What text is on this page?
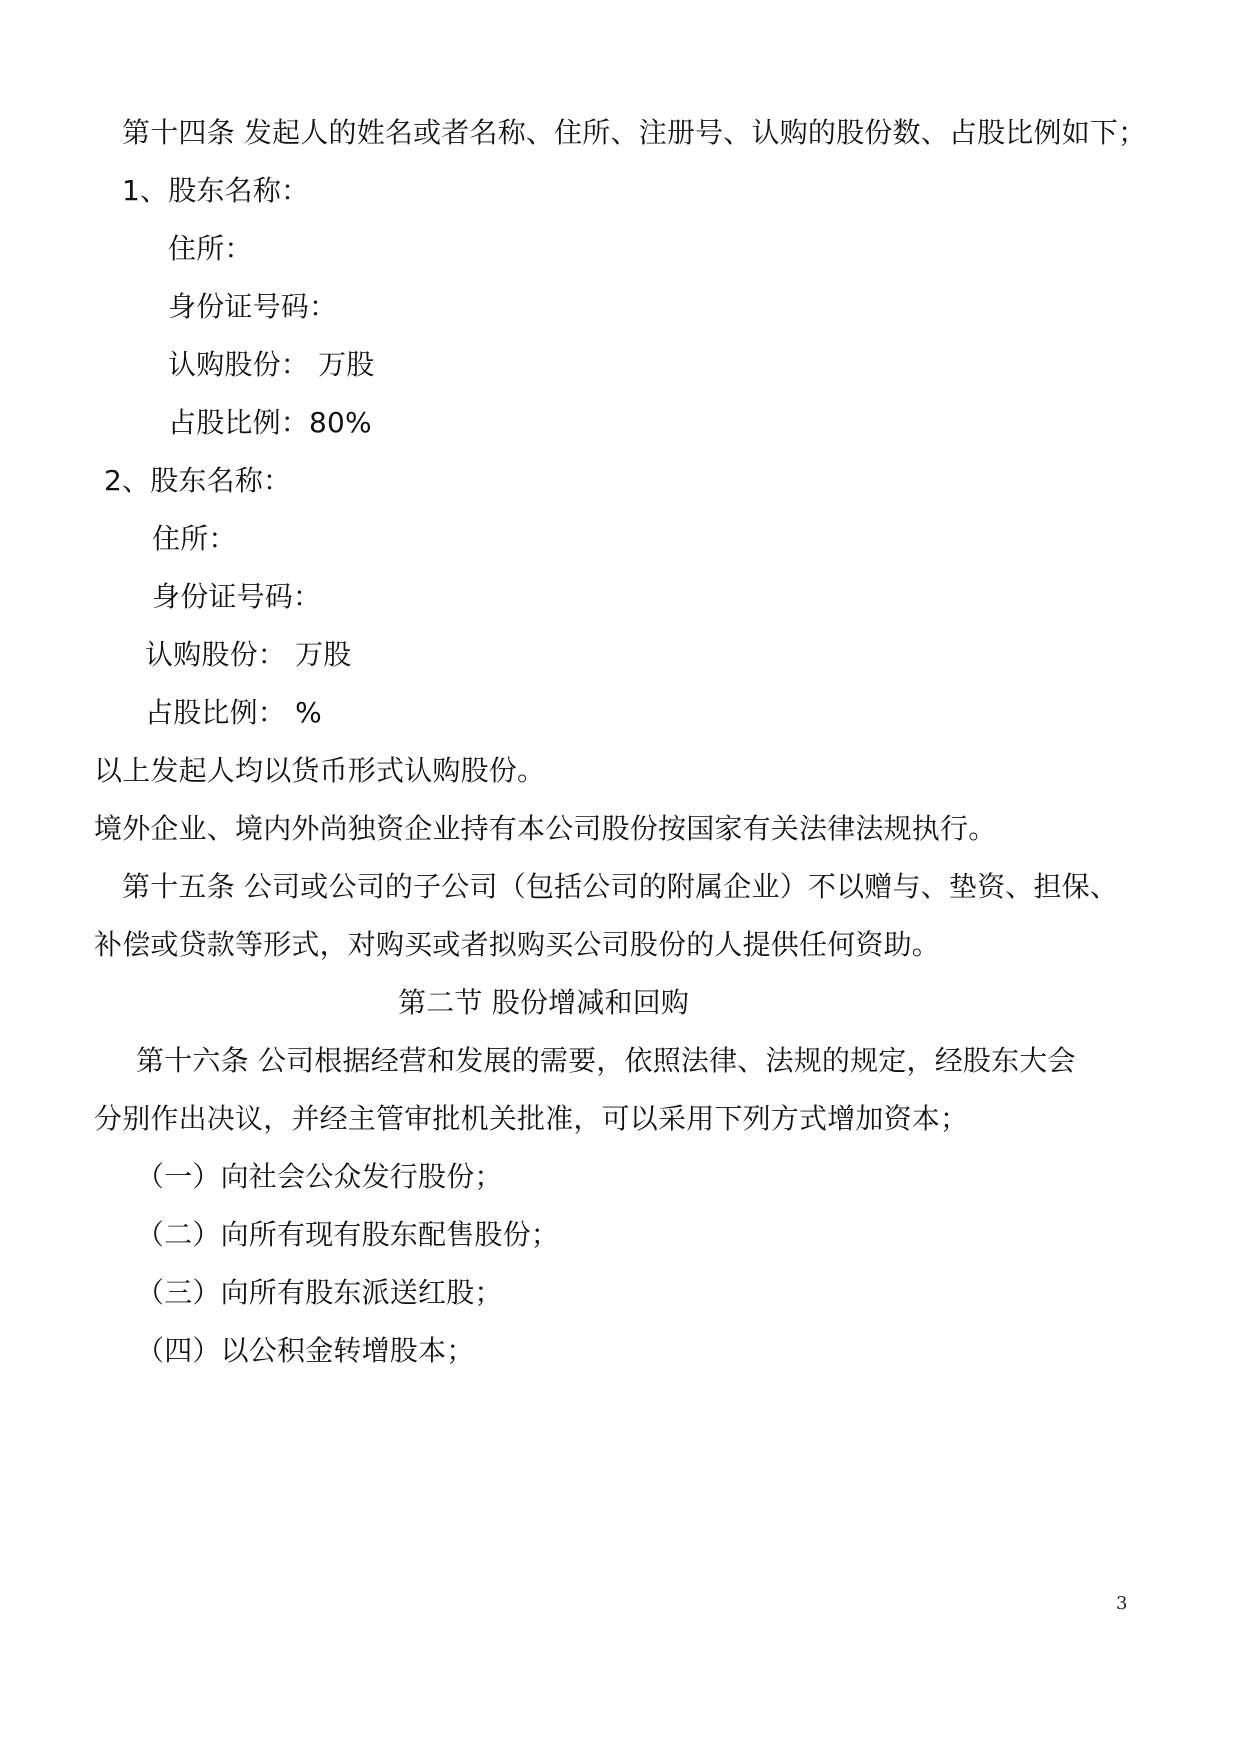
第十四条 发起人的姓名或者名称、住所、注册号、认购的股份数、占股比例如下；
1、股东名称：
住所：
身份证号码：
认购股份： 万股
占股比例：80%
2、股东名称：
住所：
身份证号码：
认购股份： 万股
占股比例： %
以上发起人均以货币形式认购股份。
境外企业、境内外尚独资企业持有本公司股份按国家有关法律法规执行。
第十五条 公司或公司的子公司（包括公司的附属企业）不以赠与、垫资、担保、
补偿或贷款等形式，对购买或者拟购买公司股份的人提供任何资助。
第二节 股份增减和回购
第十六条 公司根据经营和发展的需要，依照法律、法规的规定，经股东大会
分别作出决议，并经主管审批机关批准，可以采用下列方式增加资本；
（一）向社会公众发行股份；
（二）向所有现有股东配售股份；
（三）向所有股东派送红股；
（四）以公积金转增股本；
3
